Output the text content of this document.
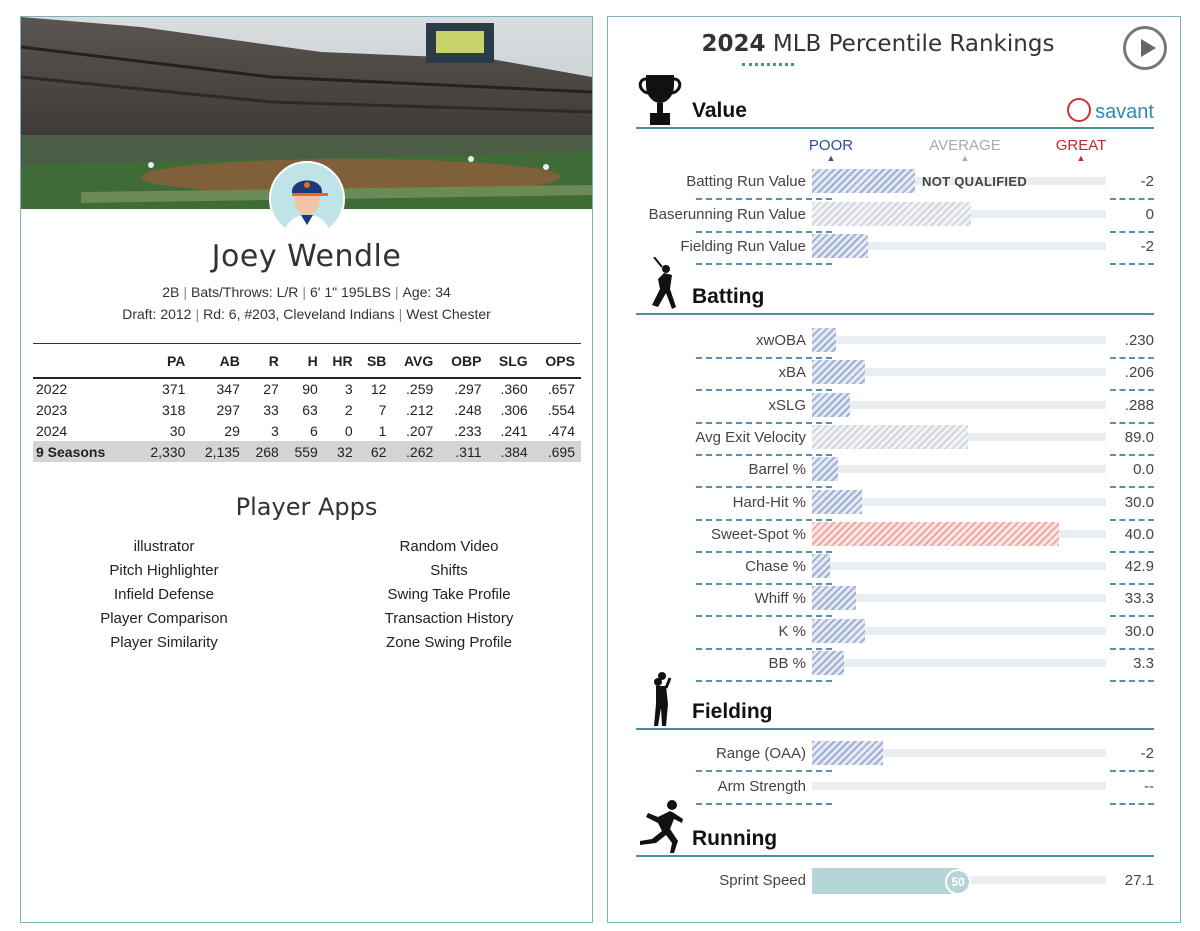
Joey Wendle
2B | Bats/Throws: L/R | 6' 1" 195LBS | Age: 34
Draft: 2012 | Rd: 6, #203, Cleveland Indians | West Chester
	PA	AB	R	H	HR	SB	AVG	OBP	SLG	OPS
2022	371	347	27	90	3	12	.259	.297	.360	.657
2023	318	297	33	63	2	7	.212	.248	.306	.554
2024	30	29	3	6	0	1	.207	.233	.241	.474
9 Seasons	2,330	2,135	268	559	32	62	.262	.311	.384	.695
Player Apps
illustrator
Pitch Highlighter
Infield Defense
Player Comparison
Player Similarity
Random Video
Shifts
Swing Take Profile
Transaction History
Zone Swing Profile
2024 MLB Percentile Rankings
Value	savant
POOR
▲
AVERAGE
▲
GREAT
▲
Batting Run Value	NOT QUALIFIED	-2
Baserunning Run Value	0
Fielding Run Value	-2
Batting
xwOBA	.230
xBA	.206
xSLG	.288
Avg Exit Velocity	89.0
Barrel %	0.0
Hard-Hit %	30.0
Sweet-Spot %	40.0
Chase %	42.9
Whiff %	33.3
K %	30.0
BB %	3.3
Fielding
Range (OAA)	-2
Arm Strength	--
Running
Sprint Speed	50	27.1
